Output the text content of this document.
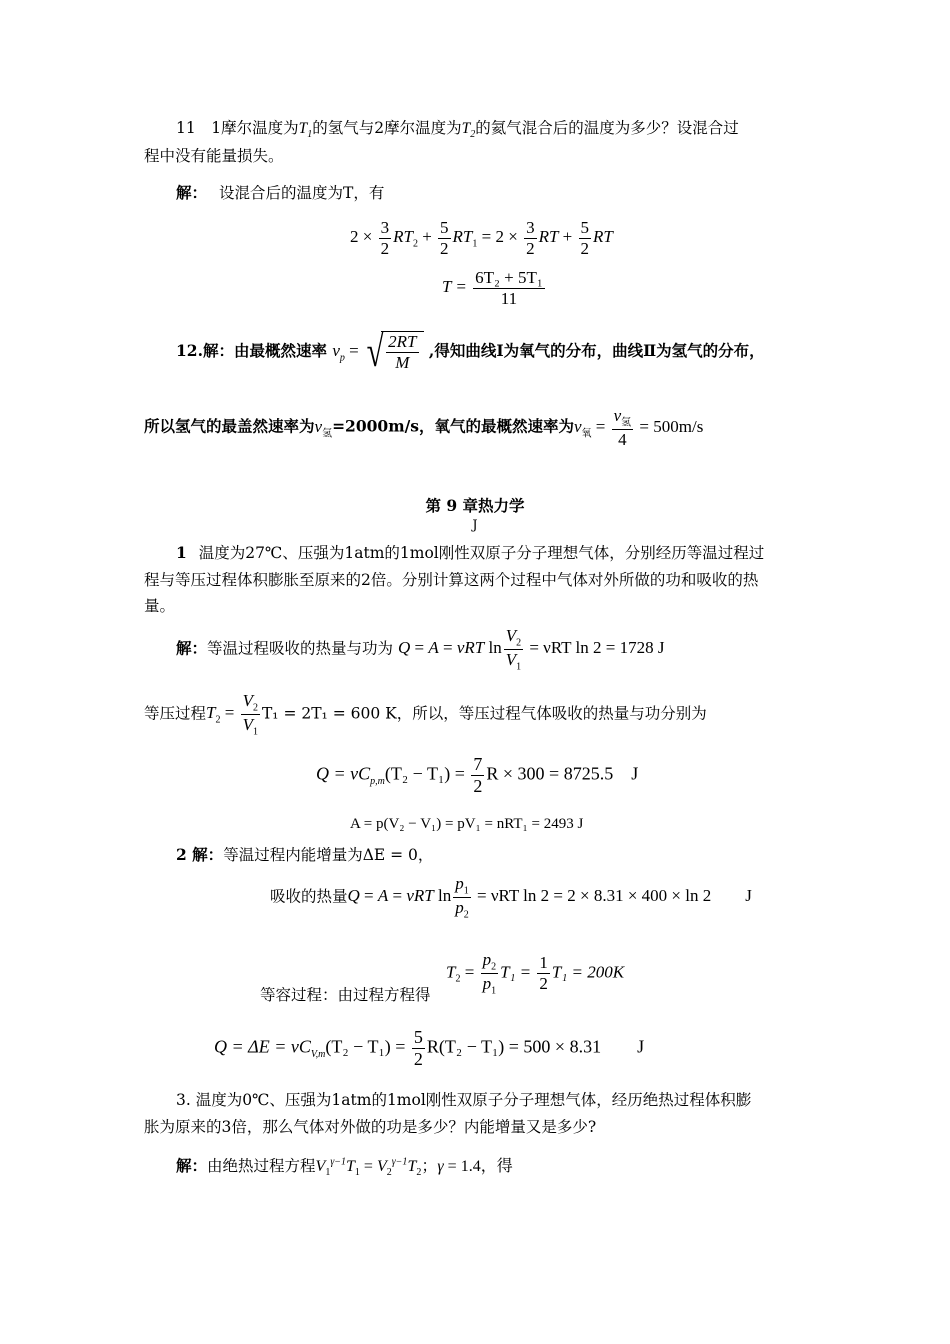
11　1摩尔温度为$T_1$的氢气与2摩尔温度为$T_2$的氦气混合后的温度为多少？设混合过
程中没有能量损失。
解： 设混合后的温度为T，有
$2 \times \frac{3}{2} RT_2 + \frac{5}{2} RT_1 = 2 \times \frac{3}{2}$ RT + $\frac{5}{2}$ RT
$T = \frac{\text{6T₂ + 5T₁}}{11}$
12.解：由最概然速率 $v_p$ = √ $\frac{2RT}{M}$ ,得知曲线Ⅰ为氧气的分布，曲线Ⅱ为氢气的分布，
所以氢气的最盖然速率为$v_氢=2000m/s$，氧气的最概然速率为$v_氧 = \frac{v_氢}{4} = 500m/s$
第 9 章热力学
J
1 温度为27℃、压强为1atm的1mol刚性双原子分子理想气体，分别经历等温过程过
程与等压过程体积膨胀至原来的2倍。分别计算这两个过程中气体对外所做的功和吸收的热
量。
解：等温过程吸收的热量与功为 Q = A = νRT $\ln \frac{V_2}{V_1} = \nu RT$ ln 2 = 1728 J
等压过程$T_2 = \frac{V_2}{V_1} T_1 = 2T_1 = 600$ K，所以，等压过程气体吸收的热量与功分别为
$Q = \nu C_{p,m}(T_2 - T_1) = \frac{7}{2}$ R × 300 = 8725.5　J
A = p(V₂ − V₁) = pV₁ = nRT₁ = 2493 J
2 解：等温过程内能增量为ΔE = 0，
吸收的热量Q = A = νRT $\ln \frac{p_1}{p_2} = \nu RT$ ln 2 = 2 × 8.31 × 400 × ln 2　　J
$T_2 = \frac{p_2}{p_1} T_1 = \frac{1}{2} T_1 = 200K$
等容过程：由过程方程得
$Q = \Delta E = \nu C_{V,m}(T_2 - T_1) = \frac{5}{2} R(T_2 - T_1) = 500 \times 8.31$　　J
3. 温度为0℃、压强为1atm的1mol刚性双原子分子理想气体，经历绝热过程体积膨
胀为原来的3倍，那么气体对外做的功是多少？内能增量又是多少?
解：由绝热过程方程$V_1^{\gamma-1}T_1 = V_2^{\gamma-1}T_2$；γ = 1.4，得
